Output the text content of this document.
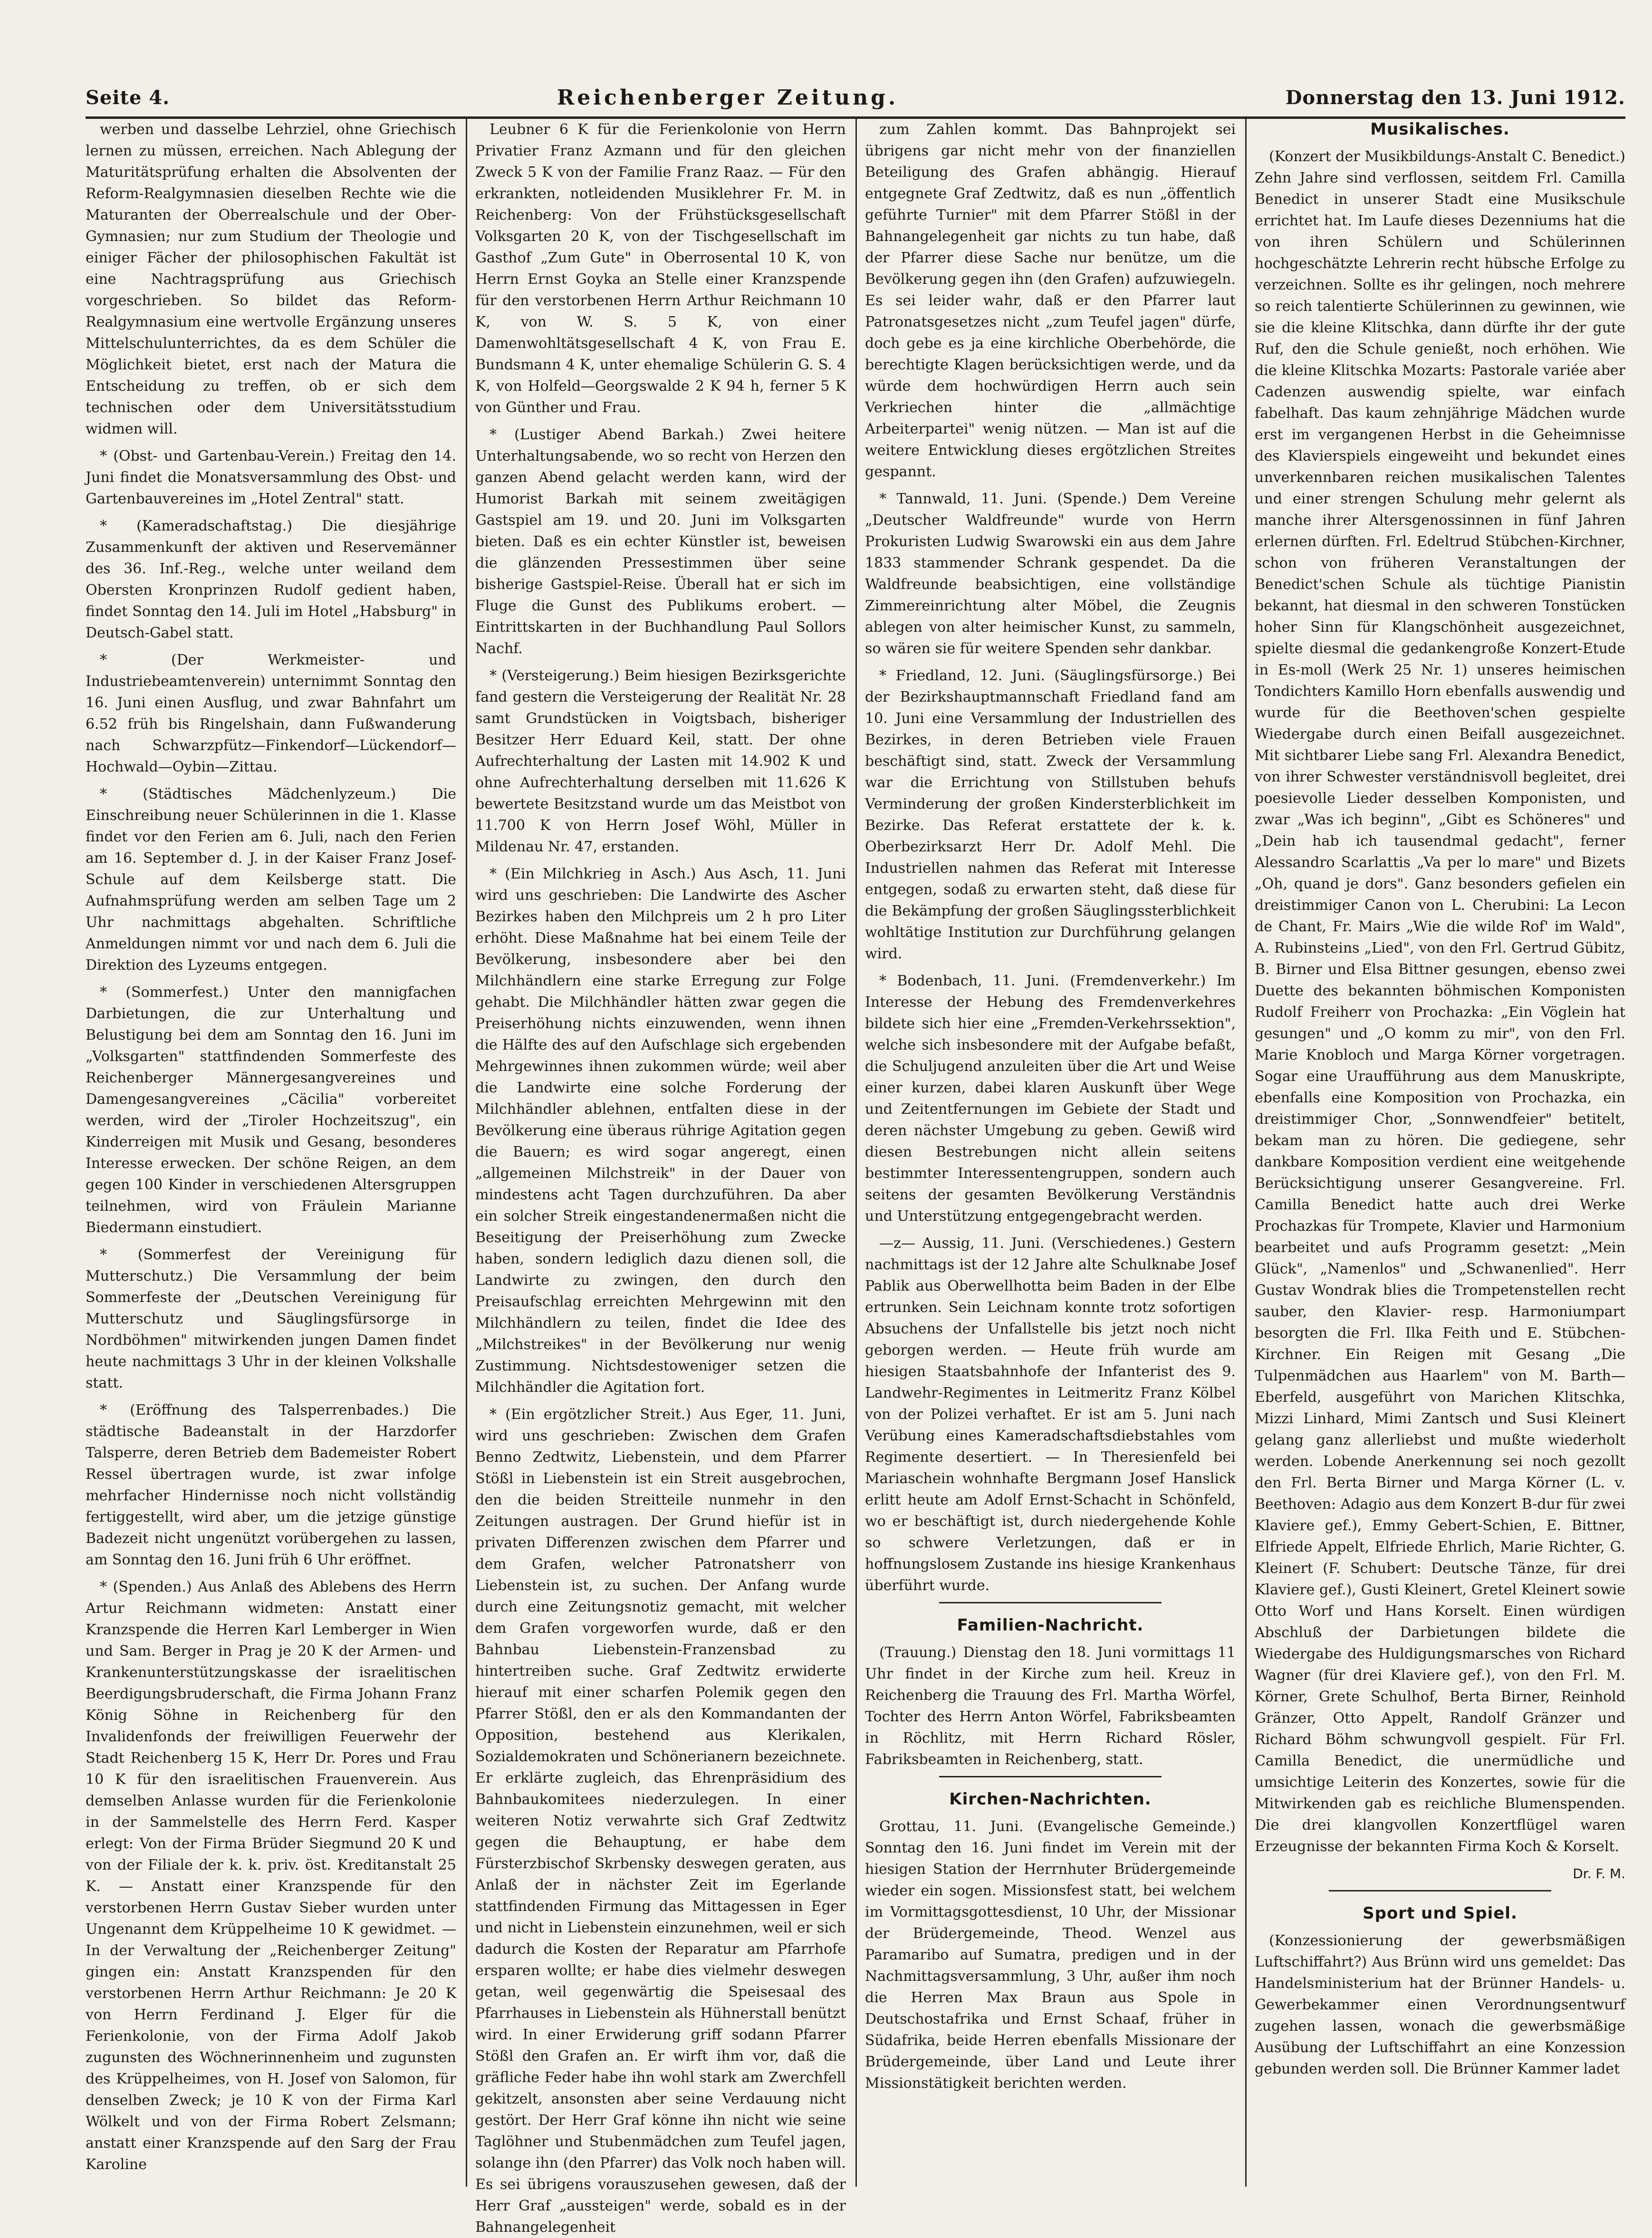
Seite 4.	Reichenberger Zeitung.	Donnerstag den 13. Juni 1912.

werben und dasselbe Lehrziel, ohne Griechisch lernen zu müssen, erreichen. Nach Ablegung der Maturitätsprüfung erhalten die Absolventen der Reform-Realgymnasien dieselben Rechte wie die Maturanten der Oberrealschule und der Ober-Gymnasien; nur zum Studium der Theologie und einiger Fächer der philosophischen Fakultät ist eine Nachtragsprüfung aus Griechisch vorgeschrieben. So bildet das Reform-Realgymnasium eine wertvolle Ergänzung unseres Mittelschulunterrichtes, da es dem Schüler die Möglichkeit bietet, erst nach der Matura die Entscheidung zu treffen, ob er sich dem technischen oder dem Universitätsstudium widmen will.

* (Obst- und Gartenbau-Verein.) Freitag den 14. Juni findet die Monatsversammlung des Obst- und Gartenbauvereines im „Hotel Zentral" statt.

* (Kameradschaftstag.) Die diesjährige Zusammenkunft der aktiven und Reservemänner des 36. Inf.-Reg., welche unter weiland dem Obersten Kronprinzen Rudolf gedient haben, findet Sonntag den 14. Juli im Hotel „Habsburg" in Deutsch-Gabel statt.

* (Der Werkmeister- und Industriebeamtenverein) unternimmt Sonntag den 16. Juni einen Ausflug, und zwar Bahnfahrt um 6.52 früh bis Ringelshain, dann Fußwanderung nach Schwarzpfütz—Finkendorf—Lückendorf—Hochwald—Oybin—Zittau.

* (Städtisches Mädchenlyzeum.) Die Einschreibung neuer Schülerinnen in die 1. Klasse findet vor den Ferien am 6. Juli, nach den Ferien am 16. September d. J. in der Kaiser Franz Josef-Schule auf dem Keilsberge statt. Die Aufnahmsprüfung werden am selben Tage um 2 Uhr nachmittags abgehalten. Schriftliche Anmeldungen nimmt vor und nach dem 6. Juli die Direktion des Lyzeums entgegen.

* (Sommerfest.) Unter den mannigfachen Darbietungen, die zur Unterhaltung und Belustigung bei dem am Sonntag den 16. Juni im „Volksgarten" stattfindenden Sommerfeste des Reichenberger Männergesangvereines und Damengesangvereines „Cäcilia" vorbereitet werden, wird der „Tiroler Hochzeitszug", ein Kinderreigen mit Musik und Gesang, besonderes Interesse erwecken. Der schöne Reigen, an dem gegen 100 Kinder in verschiedenen Altersgruppen teilnehmen, wird von Fräulein Marianne Biedermann einstudiert.

* (Sommerfest der Vereinigung für Mutterschutz.) Die Versammlung der beim Sommerfeste der „Deutschen Vereinigung für Mutterschutz und Säuglingsfürsorge in Nordböhmen" mitwirkenden jungen Damen findet heute nachmittags 3 Uhr in der kleinen Volkshalle statt.

* (Eröffnung des Talsperrenbades.) Die städtische Badeanstalt in der Harzdorfer Talsperre, deren Betrieb dem Bademeister Robert Ressel übertragen wurde, ist zwar infolge mehrfacher Hindernisse noch nicht vollständig fertiggestellt, wird aber, um die jetzige günstige Badezeit nicht ungenützt vorübergehen zu lassen, am Sonntag den 16. Juni früh 6 Uhr eröffnet.

* (Spenden.) Aus Anlaß des Ablebens des Herrn Artur Reichmann widmeten: Anstatt einer Kranzspende die Herren Karl Lemberger in Wien und Sam. Berger in Prag je 20 K der Armen- und Krankenunterstützungskasse der israelitischen Beerdigungsbruderschaft, die Firma Johann Franz König Söhne in Reichenberg für den Invalidenfonds der freiwilligen Feuerwehr der Stadt Reichenberg 15 K, Herr Dr. Pores und Frau 10 K für den israelitischen Frauenverein. Aus demselben Anlasse wurden für die Ferienkolonie in der Sammelstelle des Herrn Ferd. Kasper erlegt: Von der Firma Brüder Siegmund 20 K und von der Filiale der k. k. priv. öst. Kreditanstalt 25 K. — Anstatt einer Kranzspende für den verstorbenen Herrn Gustav Sieber wurden unter Ungenannt dem Krüppelheime 10 K gewidmet. — In der Verwaltung der „Reichenberger Zeitung" gingen ein: Anstatt Kranzspenden für den verstorbenen Herrn Arthur Reichmann: Je 20 K von Herrn Ferdinand J. Elger für die Ferienkolonie, von der Firma Adolf Jakob zugunsten des Wöchnerinnenheim und zugunsten des Krüppelheimes, von H. Josef von Salomon, für denselben Zweck; je 10 K von der Firma Karl Wölkelt und von der Firma Robert Zelsmann; anstatt einer Kranzspende auf den Sarg der Frau Karoline

Leubner 6 K für die Ferienkolonie von Herrn Privatier Franz Azmann und für den gleichen Zweck 5 K von der Familie Franz Raaz. — Für den erkrankten, notleidenden Musiklehrer Fr. M. in Reichenberg: Von der Frühstücksgesellschaft Volksgarten 20 K, von der Tischgesellschaft im Gasthof „Zum Gute" in Oberrosental 10 K, von Herrn Ernst Goyka an Stelle einer Kranzspende für den verstorbenen Herrn Arthur Reichmann 10 K, von W. S. 5 K, von einer Damenwohltätsgesellschaft 4 K, von Frau E. Bundsmann 4 K, unter ehemalige Schülerin G. S. 4 K, von Holfeld—Georgswalde 2 K 94 h, ferner 5 K von Günther und Frau.

* (Lustiger Abend Barkah.) Zwei heitere Unterhaltungsabende, wo so recht von Herzen den ganzen Abend gelacht werden kann, wird der Humorist Barkah mit seinem zweitägigen Gastspiel am 19. und 20. Juni im Volksgarten bieten. Daß es ein echter Künstler ist, beweisen die glänzenden Pressestimmen über seine bisherige Gastspiel-Reise. Überall hat er sich im Fluge die Gunst des Publikums erobert. — Eintrittskarten in der Buchhandlung Paul Sollors Nachf.

* (Versteigerung.) Beim hiesigen Bezirksgerichte fand gestern die Versteigerung der Realität Nr. 28 samt Grundstücken in Voigtsbach, bisheriger Besitzer Herr Eduard Keil, statt. Der ohne Aufrechterhaltung der Lasten mit 14.902 K und ohne Aufrechterhaltung derselben mit 11.626 K bewertete Besitzstand wurde um das Meistbot von 11.700 K von Herrn Josef Wöhl, Müller in Mildenau Nr. 47, erstanden.

* (Ein Milchkrieg in Asch.) Aus Asch, 11. Juni wird uns geschrieben: Die Landwirte des Ascher Bezirkes haben den Milchpreis um 2 h pro Liter erhöht. Diese Maßnahme hat bei einem Teile der Bevölkerung, insbesondere aber bei den Milchhändlern eine starke Erregung zur Folge gehabt. Die Milchhändler hätten zwar gegen die Preiserhöhung nichts einzuwenden, wenn ihnen die Hälfte des auf den Aufschlage sich ergebenden Mehrgewinnes ihnen zukommen würde; weil aber die Landwirte eine solche Forderung der Milchhändler ablehnen, entfalten diese in der Bevölkerung eine überaus rührige Agitation gegen die Bauern; es wird sogar angeregt, einen „allgemeinen Milchstreik" in der Dauer von mindestens acht Tagen durchzuführen. Da aber ein solcher Streik eingestandenermaßen nicht die Beseitigung der Preiserhöhung zum Zwecke haben, sondern lediglich dazu dienen soll, die Landwirte zu zwingen, den durch den Preisaufschlag erreichten Mehrgewinn mit den Milchhändlern zu teilen, findet die Idee des „Milchstreikes" in der Bevölkerung nur wenig Zustimmung. Nichtsdestoweniger setzen die Milchhändler die Agitation fort.

* (Ein ergötzlicher Streit.) Aus Eger, 11. Juni, wird uns geschrieben: Zwischen dem Grafen Benno Zedtwitz, Liebenstein, und dem Pfarrer Stößl in Liebenstein ist ein Streit ausgebrochen, den die beiden Streitteile nunmehr in den Zeitungen austragen. Der Grund hiefür ist in privaten Differenzen zwischen dem Pfarrer und dem Grafen, welcher Patronatsherr von Liebenstein ist, zu suchen. Der Anfang wurde durch eine Zeitungsnotiz gemacht, mit welcher dem Grafen vorgeworfen wurde, daß er den Bahnbau Liebenstein-Franzensbad zu hintertreiben suche. Graf Zedtwitz erwiderte hierauf mit einer scharfen Polemik gegen den Pfarrer Stößl, den er als den Kommandanten der Opposition, bestehend aus Klerikalen, Sozialdemokraten und Schönerianern bezeichnete. Er erklärte zugleich, das Ehrenpräsidium des Bahnbaukomitees niederzulegen. In einer weiteren Notiz verwahrte sich Graf Zedtwitz gegen die Behauptung, er habe dem Fürsterzbischof Skrbensky deswegen geraten, aus Anlaß der in nächster Zeit im Egerlande stattfindenden Firmung das Mittagessen in Eger und nicht in Liebenstein einzunehmen, weil er sich dadurch die Kosten der Reparatur am Pfarrhofe ersparen wollte; er habe dies vielmehr deswegen getan, weil gegenwärtig die Speisesaal des Pfarrhauses in Liebenstein als Hühnerstall benützt wird. In einer Erwiderung griff sodann Pfarrer Stößl den Grafen an. Er wirft ihm vor, daß die gräfliche Feder habe ihn wohl stark am Zwerchfell gekitzelt, ansonsten aber seine Verdauung nicht gestört. Der Herr Graf könne ihn nicht wie seine Taglöhner und Stubenmädchen zum Teufel jagen, solange ihn (den Pfarrer) das Volk noch haben will. Es sei übrigens vorauszusehen gewesen, daß der Herr Graf „aussteigen" werde, sobald es in der Bahnangelegenheit

zum Zahlen kommt. Das Bahnprojekt sei übrigens gar nicht mehr von der finanziellen Beteiligung des Grafen abhängig. Hierauf entgegnete Graf Zedtwitz, daß es nun „öffentlich geführte Turnier" mit dem Pfarrer Stößl in der Bahnangelegenheit gar nichts zu tun habe, daß der Pfarrer diese Sache nur benütze, um die Bevölkerung gegen ihn (den Grafen) aufzuwiegeln. Es sei leider wahr, daß er den Pfarrer laut Patronatsgesetzes nicht „zum Teufel jagen" dürfe, doch gebe es ja eine kirchliche Oberbehörde, die berechtigte Klagen berücksichtigen werde, und da würde dem hochwürdigen Herrn auch sein Verkriechen hinter die „allmächtige Arbeiterpartei" wenig nützen. — Man ist auf die weitere Entwicklung dieses ergötzlichen Streites gespannt.

* Tannwald, 11. Juni. (Spende.) Dem Vereine „Deutscher Waldfreunde" wurde von Herrn Prokuristen Ludwig Swarowski ein aus dem Jahre 1833 stammender Schrank gespendet. Da die Waldfreunde beabsichtigen, eine vollständige Zimmereinrichtung alter Möbel, die Zeugnis ablegen von alter heimischer Kunst, zu sammeln, so wären sie für weitere Spenden sehr dankbar.

* Friedland, 12. Juni. (Säuglingsfürsorge.) Bei der Bezirkshauptmannschaft Friedland fand am 10. Juni eine Versammlung der Industriellen des Bezirkes, in deren Betrieben viele Frauen beschäftigt sind, statt. Zweck der Versammlung war die Errichtung von Stillstuben behufs Verminderung der großen Kindersterblichkeit im Bezirke. Das Referat erstattete der k. k. Oberbezirksarzt Herr Dr. Adolf Mehl. Die Industriellen nahmen das Referat mit Interesse entgegen, sodaß zu erwarten steht, daß diese für die Bekämpfung der großen Säuglingssterblichkeit wohltätige Institution zur Durchführung gelangen wird.

* Bodenbach, 11. Juni. (Fremdenverkehr.) Im Interesse der Hebung des Fremdenverkehres bildete sich hier eine „Fremden-Verkehrssektion", welche sich insbesondere mit der Aufgabe befaßt, die Schuljugend anzuleiten über die Art und Weise einer kurzen, dabei klaren Auskunft über Wege und Zeitentfernungen im Gebiete der Stadt und deren nächster Umgebung zu geben. Gewiß wird diesen Bestrebungen nicht allein seitens bestimmter Interessentengruppen, sondern auch seitens der gesamten Bevölkerung Verständnis und Unterstützung entgegengebracht werden.

—z— Aussig, 11. Juni. (Verschiedenes.) Gestern nachmittags ist der 12 Jahre alte Schulknabe Josef Pablik aus Oberwellhotta beim Baden in der Elbe ertrunken. Sein Leichnam konnte trotz sofortigen Absuchens der Unfallstelle bis jetzt noch nicht geborgen werden. — Heute früh wurde am hiesigen Staatsbahnhofe der Infanterist des 9. Landwehr-Regimentes in Leitmeritz Franz Kölbel von der Polizei verhaftet. Er ist am 5. Juni nach Verübung eines Kameradschaftsdiebstahles vom Regimente desertiert. — In Theresienfeld bei Mariaschein wohnhafte Bergmann Josef Hanslick erlitt heute am Adolf Ernst-Schacht in Schönfeld, wo er beschäftigt ist, durch niedergehende Kohle so schwere Verletzungen, daß er in hoffnungslosem Zustande ins hiesige Krankenhaus überführt wurde.

Familien-Nachricht.

(Trauung.) Dienstag den 18. Juni vormittags 11 Uhr findet in der Kirche zum heil. Kreuz in Reichenberg die Trauung des Frl. Martha Wörfel, Tochter des Herrn Anton Wörfel, Fabriksbeamten in Röchlitz, mit Herrn Richard Rösler, Fabriksbeamten in Reichenberg, statt.

Kirchen-Nachrichten.

Grottau, 11. Juni. (Evangelische Gemeinde.) Sonntag den 16. Juni findet im Verein mit der hiesigen Station der Herrnhuter Brüdergemeinde wieder ein sogen. Missionsfest statt, bei welchem im Vormittagsgottesdienst, 10 Uhr, der Missionar der Brüdergemeinde, Theod. Wenzel aus Paramaribo auf Sumatra, predigen und in der Nachmittagsversammlung, 3 Uhr, außer ihm noch die Herren Max Braun aus Spole in Deutschostafrika und Ernst Schaaf, früher in Südafrika, beide Herren ebenfalls Missionare der Brüdergemeinde, über Land und Leute ihrer Missionstätigkeit berichten werden.

Musikalisches.

(Konzert der Musikbildungs-Anstalt C. Benedict.) Zehn Jahre sind verflossen, seitdem Frl. Camilla Benedict in unserer Stadt eine Musikschule errichtet hat. Im Laufe dieses Dezenniums hat die von ihren Schülern und Schülerinnen hochgeschätzte Lehrerin recht hübsche Erfolge zu verzeichnen. Sollte es ihr gelingen, noch mehrere so reich talentierte Schülerinnen zu gewinnen, wie sie die kleine Klitschka, dann dürfte ihr der gute Ruf, den die Schule genießt, noch erhöhen. Wie die kleine Klitschka Mozarts: Pastorale variée aber Cadenzen auswendig spielte, war einfach fabelhaft. Das kaum zehnjährige Mädchen wurde erst im vergangenen Herbst in die Geheimnisse des Klavierspiels eingeweiht und bekundet eines unverkennbaren reichen musikalischen Talentes und einer strengen Schulung mehr gelernt als manche ihrer Altersgenossinnen in fünf Jahren erlernen dürften. Frl. Edeltrud Stübchen-Kirchner, schon von früheren Veranstaltungen der Benedict'schen Schule als tüchtige Pianistin bekannt, hat diesmal in den schweren Tonstücken hoher Sinn für Klangschönheit ausgezeichnet, spielte diesmal die gedankengroße Konzert-Etude in Es-moll (Werk 25 Nr. 1) unseres heimischen Tondichters Kamillo Horn ebenfalls auswendig und wurde für die Beethoven'schen gespielte Wiedergabe durch einen Beifall ausgezeichnet. Mit sichtbarer Liebe sang Frl. Alexandra Benedict, von ihrer Schwester verständnisvoll begleitet, drei poesievolle Lieder desselben Komponisten, und zwar „Was ich beginn", „Gibt es Schöneres" und „Dein hab ich tausendmal gedacht", ferner Alessandro Scarlattis „Va per lo mare" und Bizets „Oh, quand je dors". Ganz besonders gefielen ein dreistimmiger Canon von L. Cherubini: La Lecon de Chant, Fr. Mairs „Wie die wilde Rof' im Wald", A. Rubinsteins „Lied", von den Frl. Gertrud Gübitz, B. Birner und Elsa Bittner gesungen, ebenso zwei Duette des bekannten böhmischen Komponisten Rudolf Freiherr von Prochazka: „Ein Vöglein hat gesungen" und „O komm zu mir", von den Frl. Marie Knobloch und Marga Körner vorgetragen. Sogar eine Uraufführung aus dem Manuskripte, ebenfalls eine Komposition von Prochazka, ein dreistimmiger Chor, „Sonnwendfeier" betitelt, bekam man zu hören. Die gediegene, sehr dankbare Komposition verdient eine weitgehende Berücksichtigung unserer Gesangvereine. Frl. Camilla Benedict hatte auch drei Werke Prochazkas für Trompete, Klavier und Harmonium bearbeitet und aufs Programm gesetzt: „Mein Glück", „Namenlos" und „Schwanenlied". Herr Gustav Wondrak blies die Trompetenstellen recht sauber, den Klavier- resp. Harmoniumpart besorgten die Frl. Ilka Feith und E. Stübchen-Kirchner. Ein Reigen mit Gesang „Die Tulpenmädchen aus Haarlem" von M. Barth—Eberfeld, ausgeführt von Marichen Klitschka, Mizzi Linhard, Mimi Zantsch und Susi Kleinert gelang ganz allerliebst und mußte wiederholt werden. Lobende Anerkennung sei noch gezollt den Frl. Berta Birner und Marga Körner (L. v. Beethoven: Adagio aus dem Konzert B-dur für zwei Klaviere gef.), Emmy Gebert-Schien, E. Bittner, Elfriede Appelt, Elfriede Ehrlich, Marie Richter, G. Kleinert (F. Schubert: Deutsche Tänze, für drei Klaviere gef.), Gusti Kleinert, Gretel Kleinert sowie Otto Worf und Hans Korselt. Einen würdigen Abschluß der Darbietungen bildete die Wiedergabe des Huldigungsmarsches von Richard Wagner (für drei Klaviere gef.), von den Frl. M. Körner, Grete Schulhof, Berta Birner, Reinhold Gränzer, Otto Appelt, Randolf Gränzer und Richard Böhm schwungvoll gespielt. Für Frl. Camilla Benedict, die unermüdliche und umsichtige Leiterin des Konzertes, sowie für die Mitwirkenden gab es reichliche Blumenspenden. Die drei klangvollen Konzertflügel waren Erzeugnisse der bekannten Firma Koch & Korselt.

Dr. F. M.

Sport und Spiel.

(Konzessionierung der gewerbsmäßigen Luftschiffahrt?) Aus Brünn wird uns gemeldet: Das Handelsministerium hat der Brünner Handels- u. Gewerbekammer einen Verordnungsentwurf zugehen lassen, wonach die gewerbsmäßige Ausübung der Luftschiffahrt an eine Konzession gebunden werden soll. Die Brünner Kammer ladet
